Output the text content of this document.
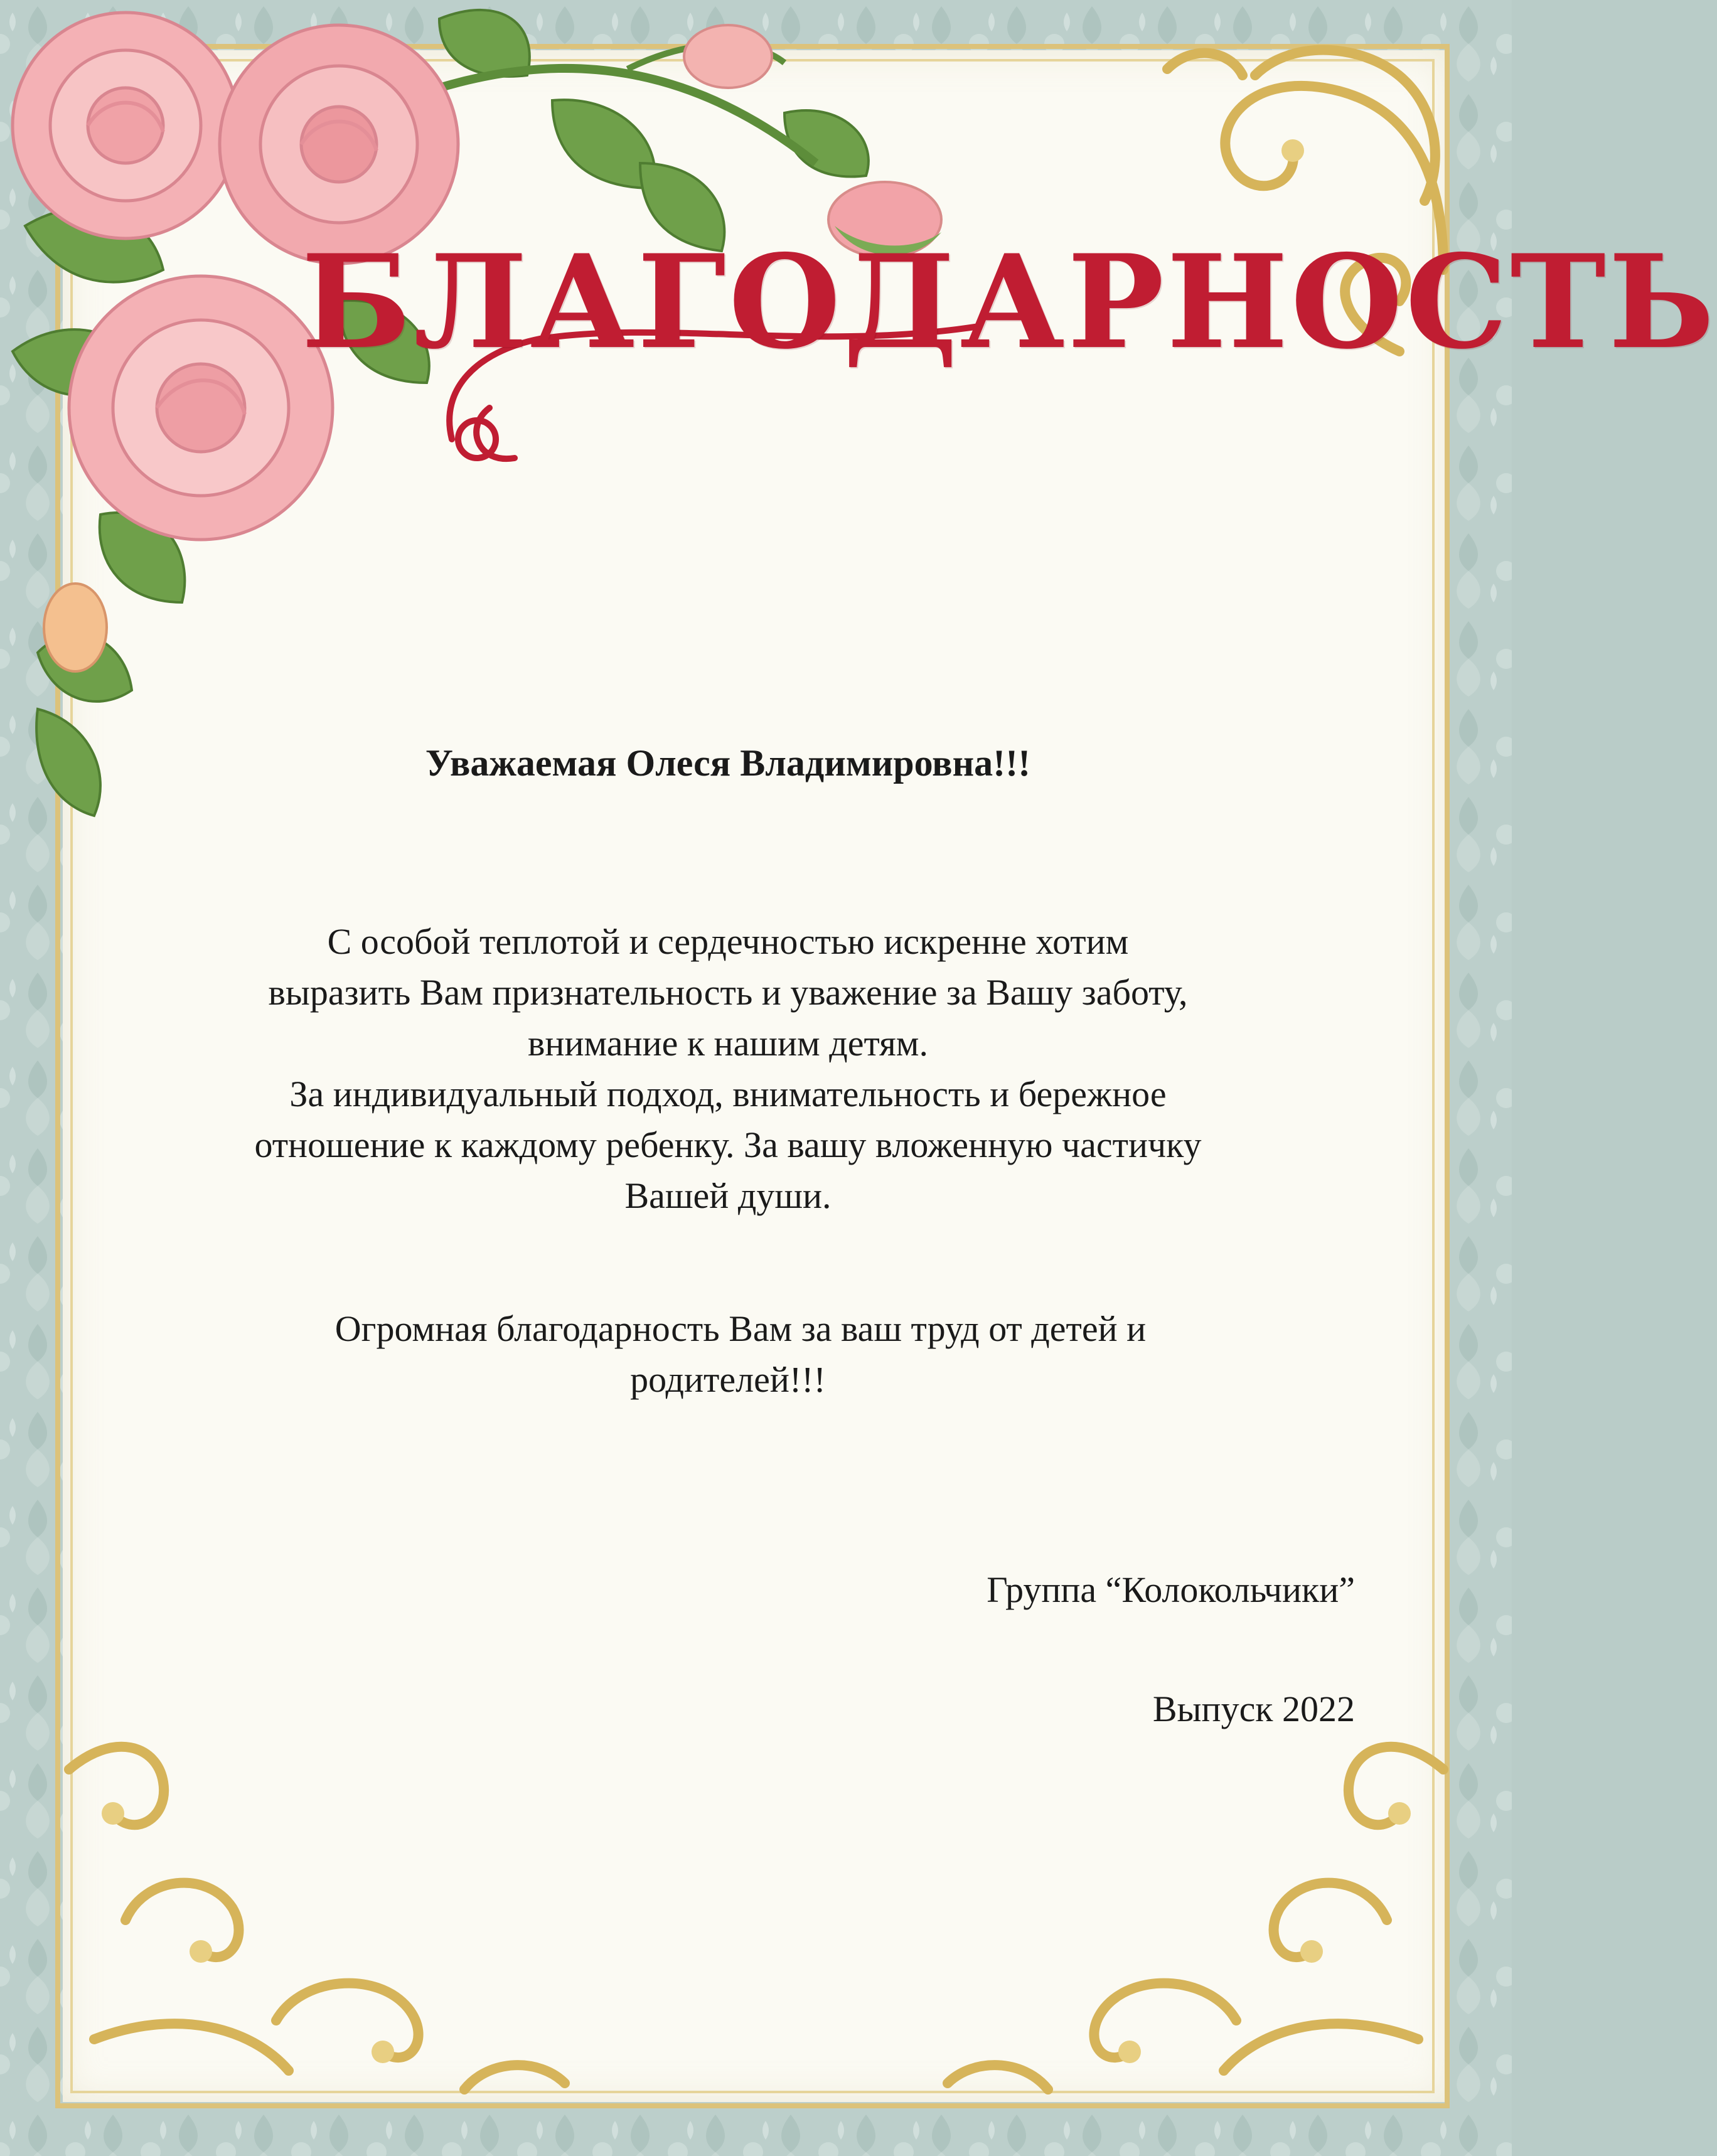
БЛАГОДАРНОСТЬ
Уважаемая Олеся Владимировна!!!
С особой теплотой и сердечностью искренне хотим
выразить Вам признательность и уважение за Вашу заботу,
внимание к нашим детям.
За индивидуальный подход, внимательность и бережное
отношение к каждому ребенку. За вашу вложенную частичку
Вашей души.
Огромная благодарность Вам за ваш труд от детей и
родителей!!!
Группа “Колокольчики”
Выпуск 2022
